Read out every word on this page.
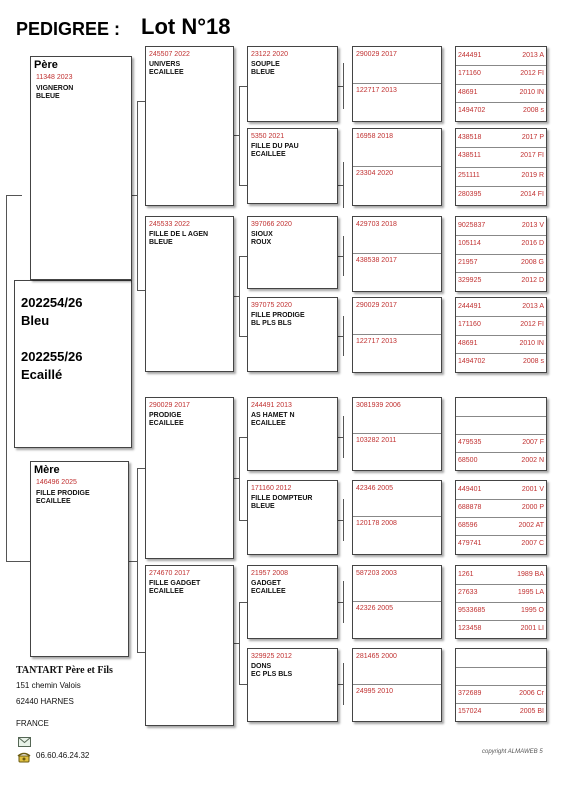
PEDIGREE : Lot N°18
202254/26
Bleu
202255/26
Ecaillé
Père
11348 2023
VIGNERON
BLEUE
Mère
146496 2025
FILLE PRODIGE
ECAILLEE
245507 2022
UNIVERS
ECAILLEE
245533 2022
FILLE DE L AGEN
BLEUE
290029 2017
PRODIGE
ECAILLEE
274670 2017
FILLE GADGET
ECAILLEE
23122 2020
SOUPLE
BLEUE
5350 2021
FILLE DU PAU
ECAILLEE
397066 2020
SIOUX
ROUX
397075 2020
FILLE PRODIGE
BL PLS BLS
244491 2013
AS HAMET N
ECAILLEE
171160 2012
FILLE DOMPTEUR
BLEUE
21957 2008
GADGET
ECAILLEE
329925 2012
DONS
EC PLS BLS
290029 2017
122717 2013
16958 2018
23304 2020
429703 2018
438538 2017
290029 2017
122717 2013
3081939 2006
103282 2011
42346 2005
120178 2008
587203 2003
42326 2005
281465 2000
24995 2010
244491	2013 A
171160	2012 FI
48691	2010 IN
1494702	2008 s
438518	2017 P
438511	2017 FI
251111	2019 R
280395	2014 FI
9025837	2013 V
105114	2016 D
21957	2008 G
329925	2012 D
244491	2013 A
171160	2012 FI
48691	2010 IN
1494702	2008 s
479535	2007 F
68500	2002 N
449401	2001 V
688878	2000 P
68596	2002 AT
479741	2007 C
1261	1989 BA
27633	1995 LA
9533685	1995 O
123458	2001 LI
372689	2006 Cr
157024	2005 BI
TANTART Père et Fils
151 chemin Valois
62440 HARNES
FRANCE
06.60.46.24.32	copyright ALMAWEB 5
